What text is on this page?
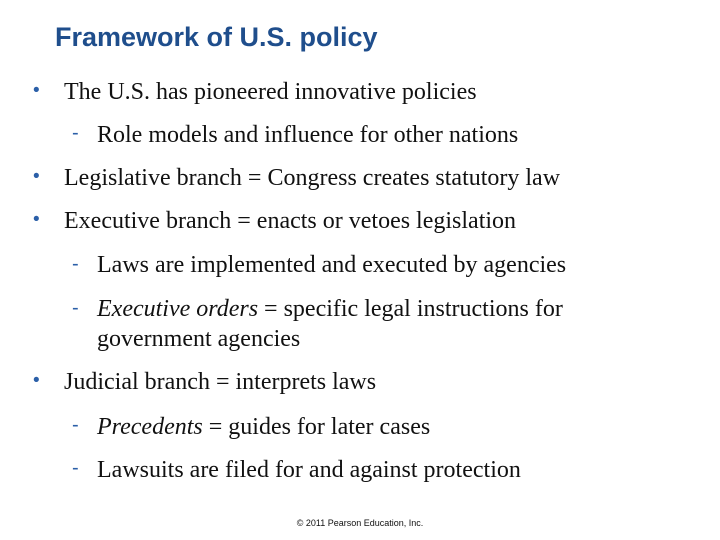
Framework of U.S. policy
• The U.S. has pioneered innovative policies
- Role models and influence for other nations
• Legislative branch = Congress creates statutory law
• Executive branch = enacts or vetoes legislation
- Laws are implemented and executed by agencies
- Executive orders = specific legal instructions for
government agencies
• Judicial branch = interprets laws
- Precedents = guides for later cases
- Lawsuits are filed for and against protection
© 2011 Pearson Education, Inc.
